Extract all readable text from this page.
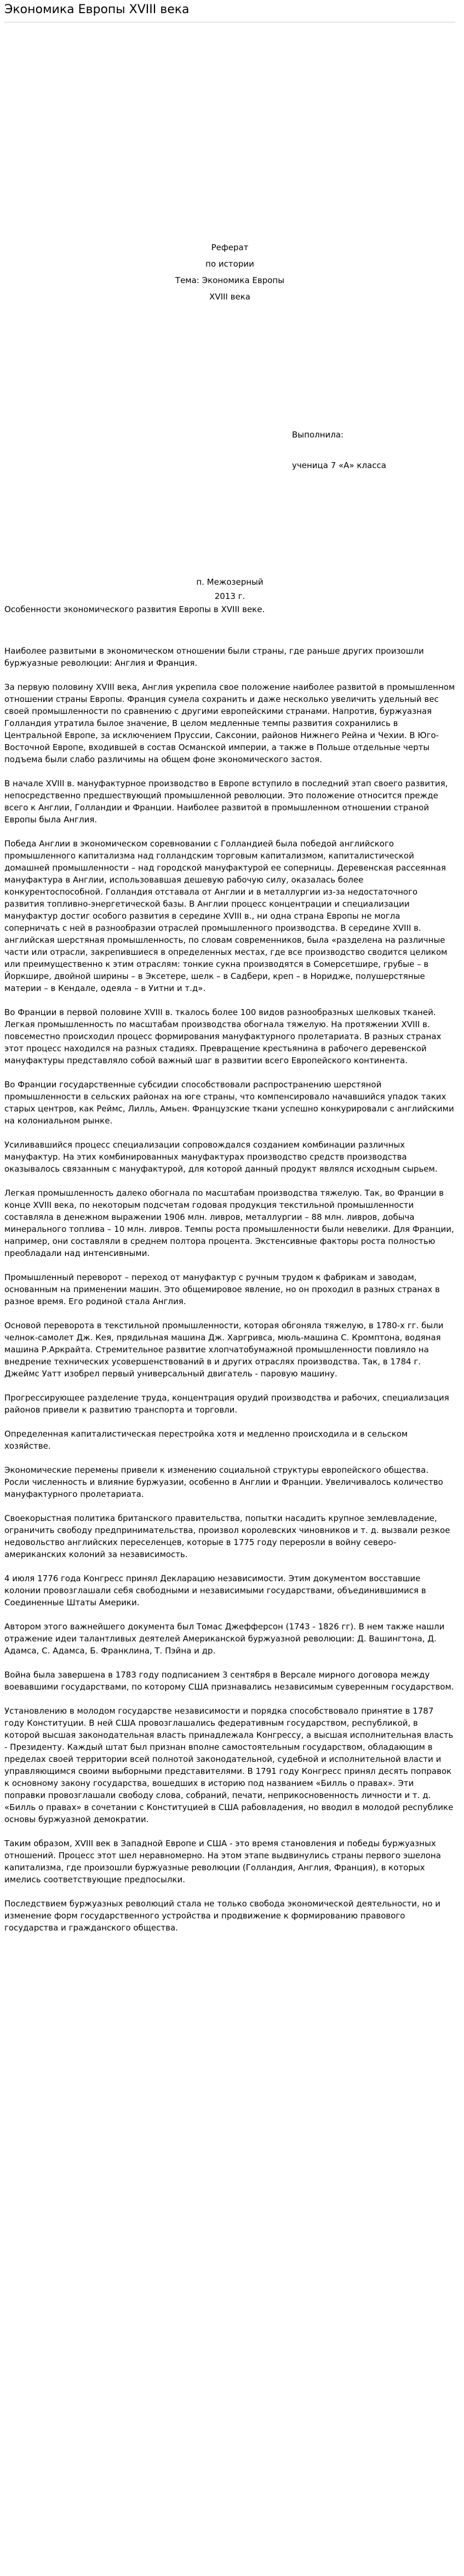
Экономика Европы XVIII века
Реферат
по истории
Тема: Экономика Европы
XVIII века
Выполнила:
ученица 7 «А» класса
п. Межозерный
2013 г.

Особенности экономического развития Европы в XVIII веке.

Наиболее развитыми в экономическом отношении были страны, где раньше других произошли буржуазные революции: Англия и Франция.

За первую половину XVIII века, Англия укрепила свое положение наиболее развитой в промышленном отношении страны Европы. Франция сумела сохранить и даже несколько увеличить удельный вес своей промышленности по сравнению с другими европейскими странами. Напротив, буржуазная Голландия утратила былое значение, В целом медленные темпы развития сохранились в Центральной Европе, за исключением Пруссии, Саксонии, районов Нижнего Рейна и Чехии. В Юго-Восточной Европе, входившей в состав Османской империи, а также в Польше отдельные черты подъема были слабо различимы на общем фоне экономического застоя.

В начале XVIII в. мануфактурное производство в Европе вступило в последний этап своего развития, непосредственно предшествующий промышленной революции. Это положение относится прежде всего к Англии, Голландии и Франции. Наиболее развитой в промышленном отношении страной Европы была Англия.

Победа Англии в экономическом соревновании с Голландией была победой английского промышленного капитализма над голландским торговым капитализмом, капиталистической домашней промышленности – над городской мануфактурой ее соперницы. Деревенская рассеянная мануфактура в Англии, использовавшая дешевую рабочую силу, оказалась более конкурентоспособной. Голландия отставала от Англии и в металлургии из-за недостаточного развития топливно-энергетической базы. В Англии процесс концентрации и специализации мануфактур достиг особого развития в середине XVIII в., ни одна страна Европы не могла соперничать с ней в разнообразии отраслей промышленного производства. В середине XVIII в. английская шерстяная промышленность, по словам современников, была «разделена на различные части или отрасли, закрепившиеся в определенных местах, где все производство сводится целиком или преимущественно к этим отраслям: тонкие сукна производятся в Сомерсетшире, грубые – в Йоркшире, двойной ширины – в Эксетере, шелк – в Садбери, креп – в Норидже, полушерстяные материи – в Кендале, одеяла – в Уитни и т.д».

Во Франции в первой половине XVIII в. ткалось более 100 видов разнообразных шелковых тканей. Легкая промышленность по масштабам производства обогнала тяжелую. На протяжении XVIII в. повсеместно происходил процесс формирования мануфактурного пролетариата. В разных странах этот процесс находился на разных стадиях. Превращение крестьянина в рабочего деревенской мануфактуры представляло собой важный шаг в развитии всего Европейского континента.

Во Франции государственные субсидии способствовали распространению шерстяной промышленности в сельских районах на юге страны, что компенсировало начавшийся упадок таких старых центров, как Реймс, Лилль, Амьен. Французские ткани успешно конкурировали с английскими на колониальном рынке.

Усиливавшийся процесс специализации сопровождался созданием комбинации различных мануфактур. На этих комбинированных мануфактурах производство средств производства оказывалось связанным с мануфактурой, для которой данный продукт являлся исходным сырьем.

Легкая промышленность далеко обогнала по масштабам производства тяжелую. Так, во Франции в конце XVIII века, по некоторым подсчетам годовая продукция текстильной промышленности составляла в денежном выражении 1906 млн. ливров, металлургии – 88 млн. ливров, добыча минерального топлива – 10 млн. ливров. Темпы роста промышленности были невелики. Для Франции, например, они составляли в среднем полтора процента. Экстенсивные факторы роста полностью преобладали над интенсивными.

Промышленный переворот – переход от мануфактур с ручным трудом к фабрикам и заводам, основанным на применении машин. Это общемировое явление, но он проходил в разных странах в разное время. Его родиной стала Англия.

Основой переворота в текстильной промышленности, которая обгоняла тяжелую, в 1780-х гг. были челнок-самолет Дж. Кея, прядильная машина Дж. Харгривса, мюль-машина С. Кромптона, водяная машина Р.Аркрайта. Стремительное развитие хлопчатобумажной промышленности повлияло на внедрение технических усовершенствований в и других отраслях производства. Так, в 1784 г. Джеймс Уатт изобрел первый универсальный двигатель - паровую машину.

Прогрессирующее разделение труда, концентрация орудий производства и рабочих, специализация районов привели к развитию транспорта и торговли.

Определенная капиталистическая перестройка хотя и медленно происходила и в сельском хозяйстве.

Экономические перемены привели к изменению социальной структуры европейского общества. Росли численность и влияние буржуазии, особенно в Англии и Франции. Увеличивалось количество мануфактурного пролетариата.

Своекорыстная политика британского правительства, попытки насадить крупное землевладение, ограничить свободу предпринимательства, произвол королевских чиновников и т. д. вызвали резкое недовольство английских переселенцев, которые в 1775 году перерosли в войну северо-американских колоний за независимость.

4 июля 1776 года Конгресс принял Декларацию независимости. Этим документом восставшие колонии провозглашали себя свободными и независимыми государствами, объединившимися в Соединенные Штаты Америки.

Автором этого важнейшего документа был Томас Джефферсон (1743 - 1826 гг). В нем также нашли отражение идеи талантливых деятелей Американской буржуазной революции: Д. Вашингтона, Д. Адамса, С. Адамса, Б. Франклина, Т. Пэйна и др.

Война была завершена в 1783 году подписанием 3 сентября в Версале мирного договора между воевавшими государствами, по которому США признавались независимым суверенным государством.

Установлению в молодом государстве независимости и порядка способствовало принятие в 1787 году Конституции. В ней США провозглашались федеративным государством, республикой, в которой высшая законодательная власть принадлежала Конгрессу, а высшая исполнительная власть - Президенту. Каждый штат был признан вполне самостоятельным государством, обладающим в пределах своей территории всей полнотой законодательной, судебной и исполнительной власти и управляющимся своими выборными представителями. В 1791 году Конгресс принял десять поправок к основному закону государства, вошедших в историю под названием «Билль о правах». Эти поправки провозглашали свободу слова, собраний, печати, неприкосновенность личности и т. д. «Билль о правах» в сочетании с Конституцией в США рабовладения, но вводил в молодой республике основы буржуазной демократии.

Таким образом, XVIII век в Западной Европе и США - это время становления и победы буржуазных отношений. Процесс этот шел неравномерно. На этом этапе выдвинулись страны первого эшелона капитализма, где произошли буржуазные революции (Голландия, Англия, Франция), в которых имелись соответствующие предпосылки.

Последствием буржуазных революций стала не только свобода экономической деятельности, но и изменение форм государственного устройства и продвижение к формированию правового государства и гражданского общества.
